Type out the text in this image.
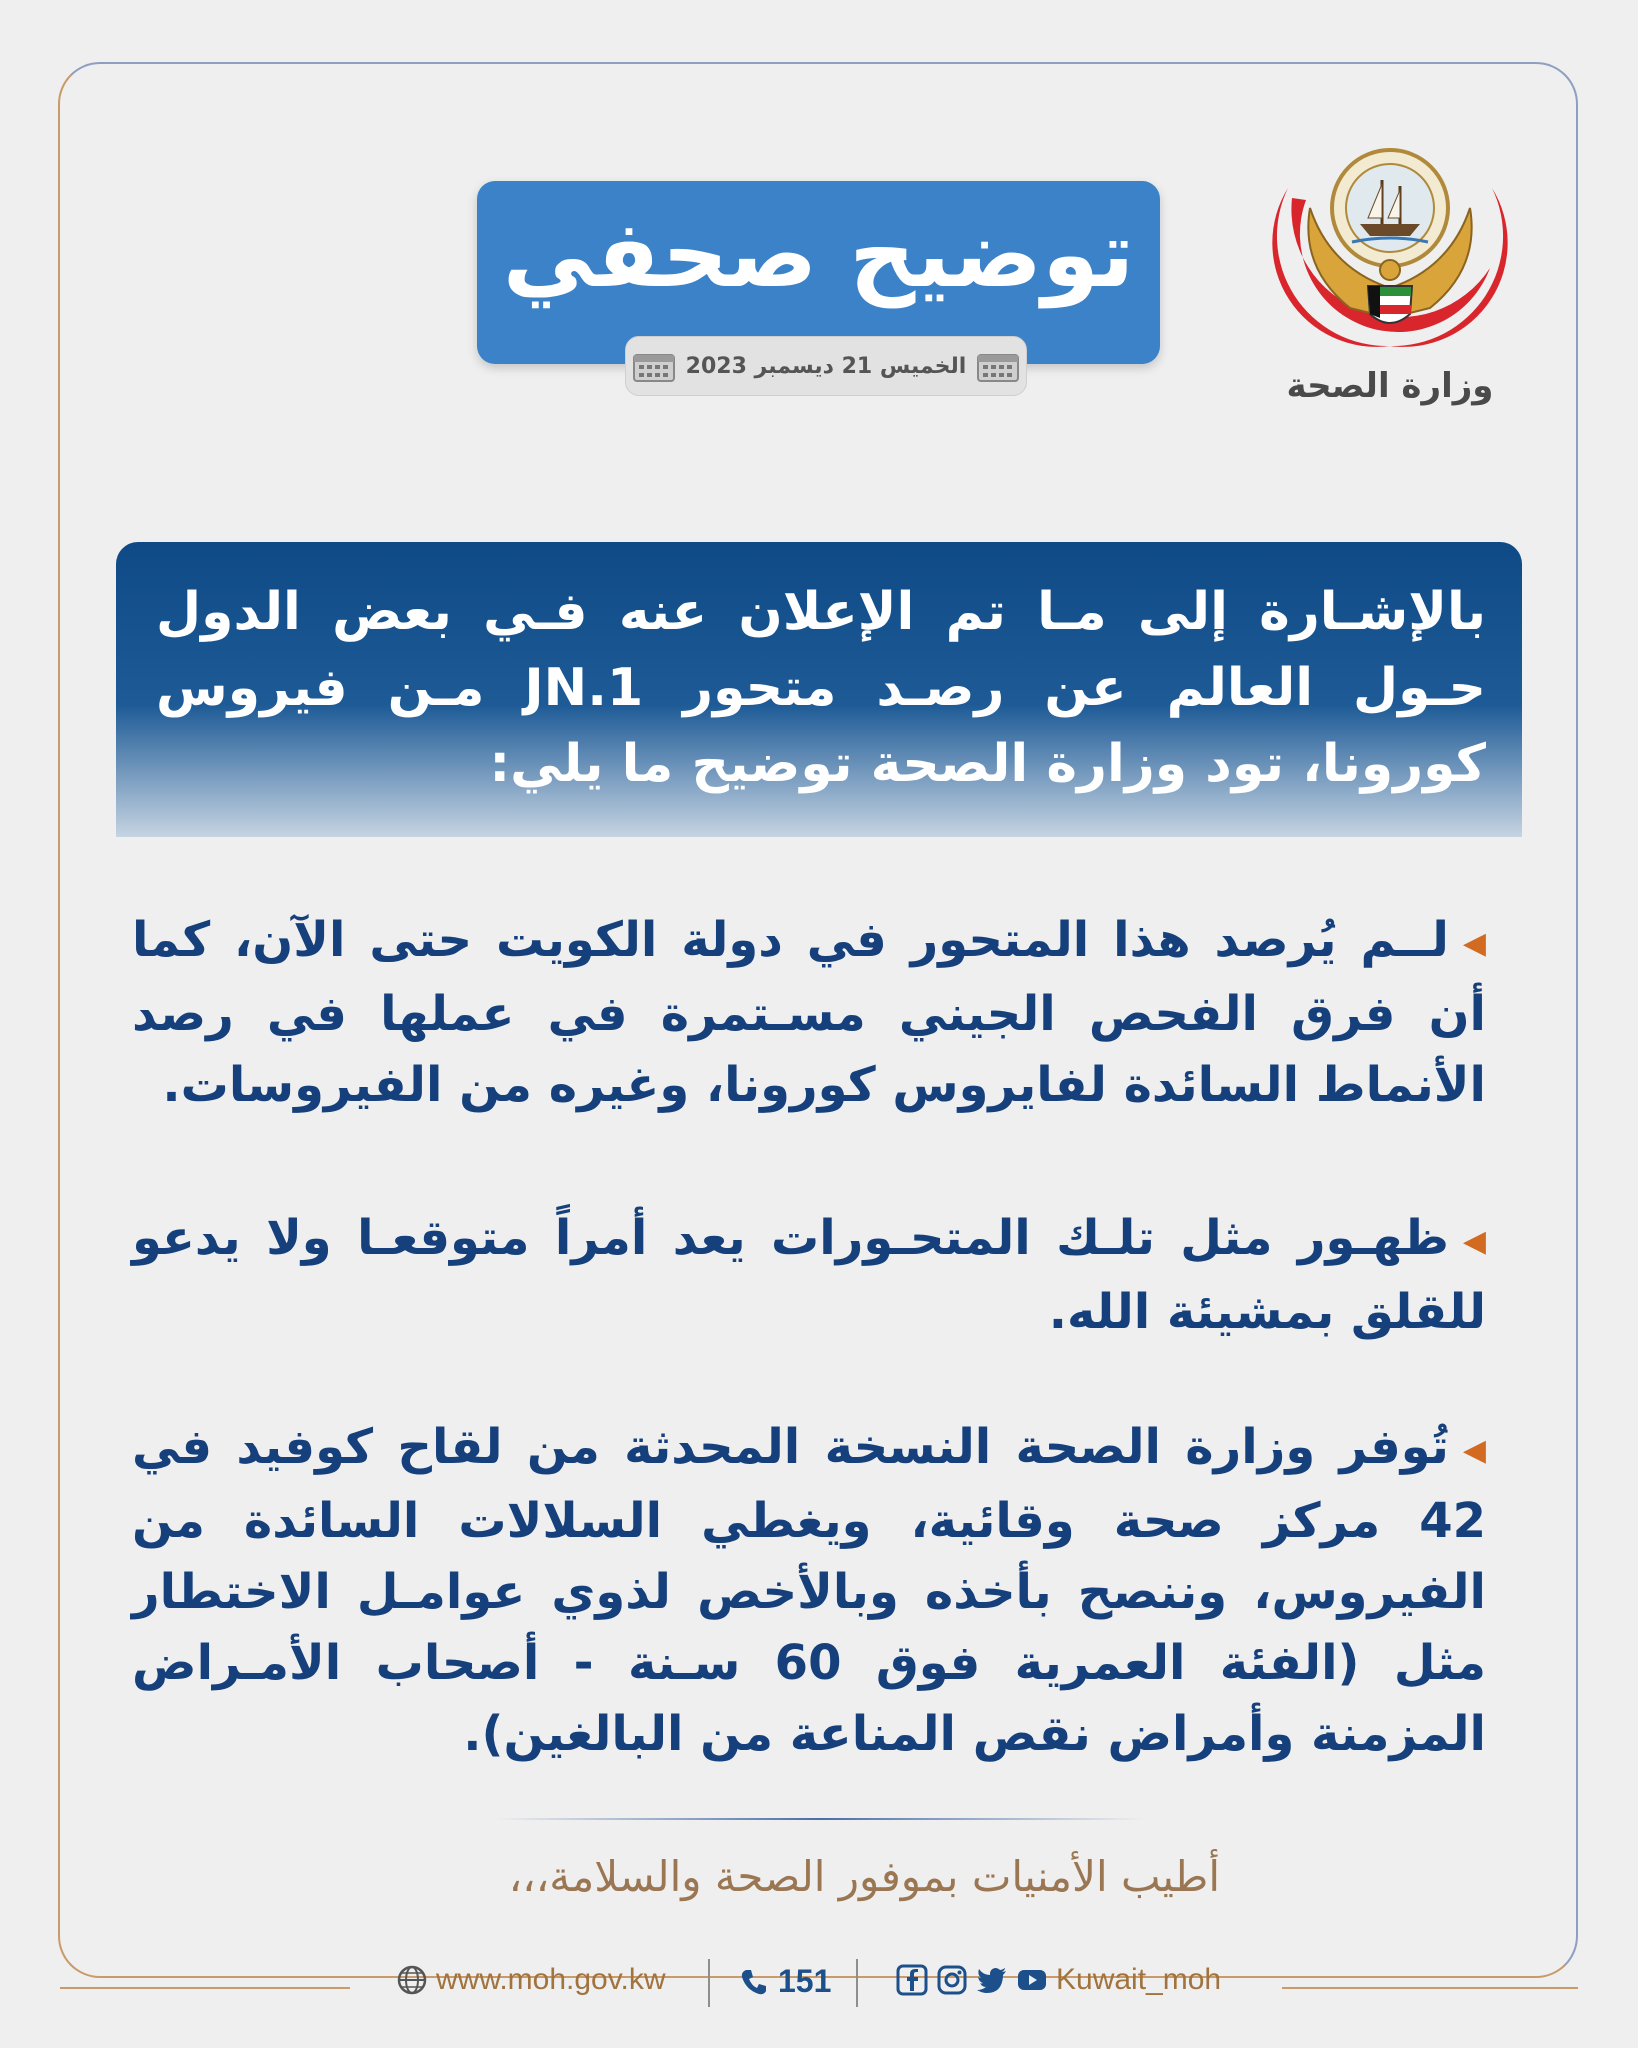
وزارة الصحة
توضيح صحفي
الخميس 21 ديسمبر 2023
بالإشـارة إلى مـا تم الإعلان عنه فـي بعض الدول حـول العالم عن رصـد متحور JN.1 مـن فيروس كورونا، تود وزارة الصحة توضيح ما يلي:
◀لــم يُرصد هذا المتحور في دولة الكويت حتى الآن، كما أن فرق الفحص الجيني مسـتمرة في عملها في رصد الأنماط السائدة لفايروس كورونا، وغيره من الفيروسات.
◀ظهـور مثل تلـك المتحـورات يعد أمراً متوقعـا ولا يدعو للقلق بمشيئة الله.
◀تُوفر وزارة الصحة النسخة المحدثة من لقاح كوفيد في 42 مركز صحة وقائية، ويغطي السلالات السائدة من الفيروس، وننصح بأخذه وبالأخص لذوي عوامـل الاختطار مثل (الفئة العمرية فوق 60 سـنة - أصحاب الأمـراض المزمنة وأمراض نقص المناعة من البالغين).
أطيب الأمنيات بموفور الصحة والسلامة،،،
www.moh.gov.kw	151	Kuwait_moh
